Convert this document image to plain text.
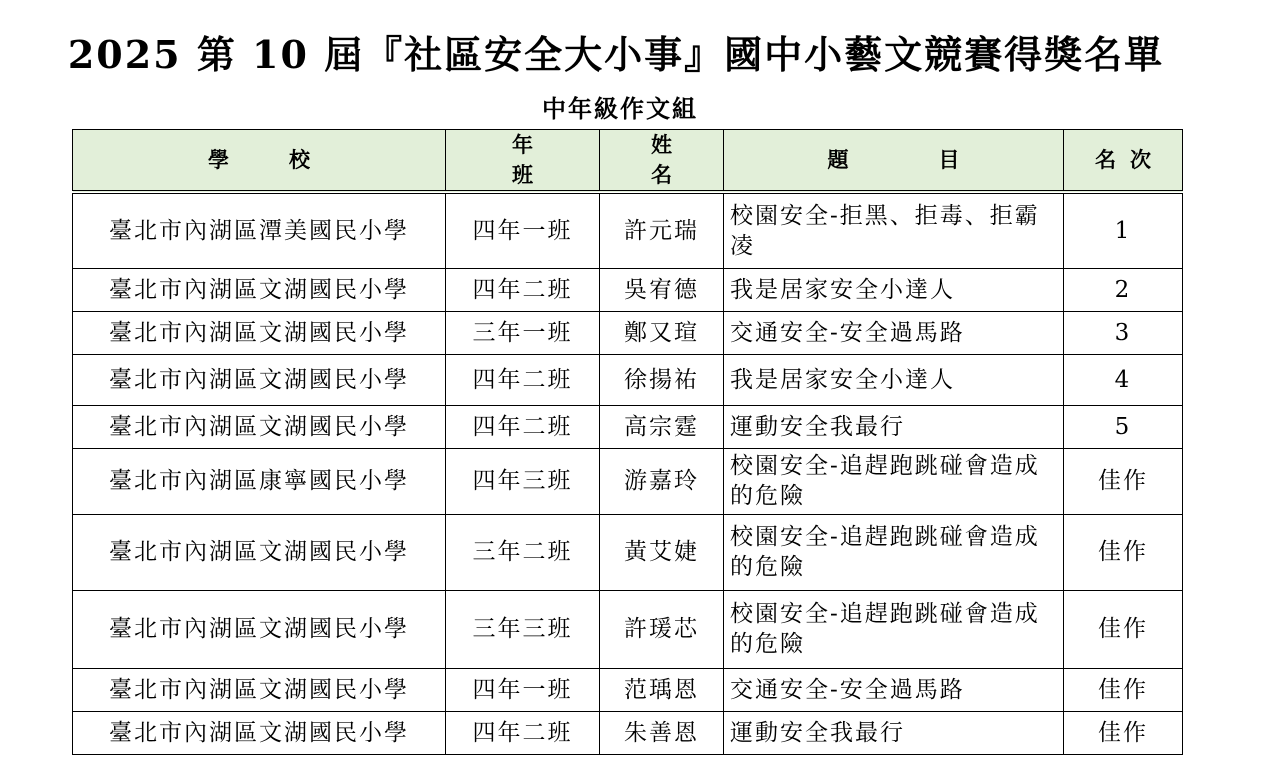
2025 第 10 屆『社區安全大小事』國中小藝文競賽得獎名單
中年級作文組
學校	年班	姓名	題目	名次
臺北市內湖區潭美國民小學	四年一班	許元瑞	校園安全-拒黑、拒毒、拒霸凌	1
臺北市內湖區文湖國民小學	四年二班	吳宥德	我是居家安全小達人	2
臺北市內湖區文湖國民小學	三年一班	鄭又瑄	交通安全-安全過馬路	3
臺北市內湖區文湖國民小學	四年二班	徐揚祐	我是居家安全小達人	4
臺北市內湖區文湖國民小學	四年二班	高宗霆	運動安全我最行	5
臺北市內湖區康寧國民小學	四年三班	游嘉玲	校園安全-追趕跑跳碰會造成的危險	佳作
臺北市內湖區文湖國民小學	三年二班	黃艾婕	校園安全-追趕跑跳碰會造成的危險	佳作
臺北市內湖區文湖國民小學	三年三班	許瑗芯	校園安全-追趕跑跳碰會造成的危險	佳作
臺北市內湖區文湖國民小學	四年一班	范瑀恩	交通安全-安全過馬路	佳作
臺北市內湖區文湖國民小學	四年二班	朱善恩	運動安全我最行	佳作
